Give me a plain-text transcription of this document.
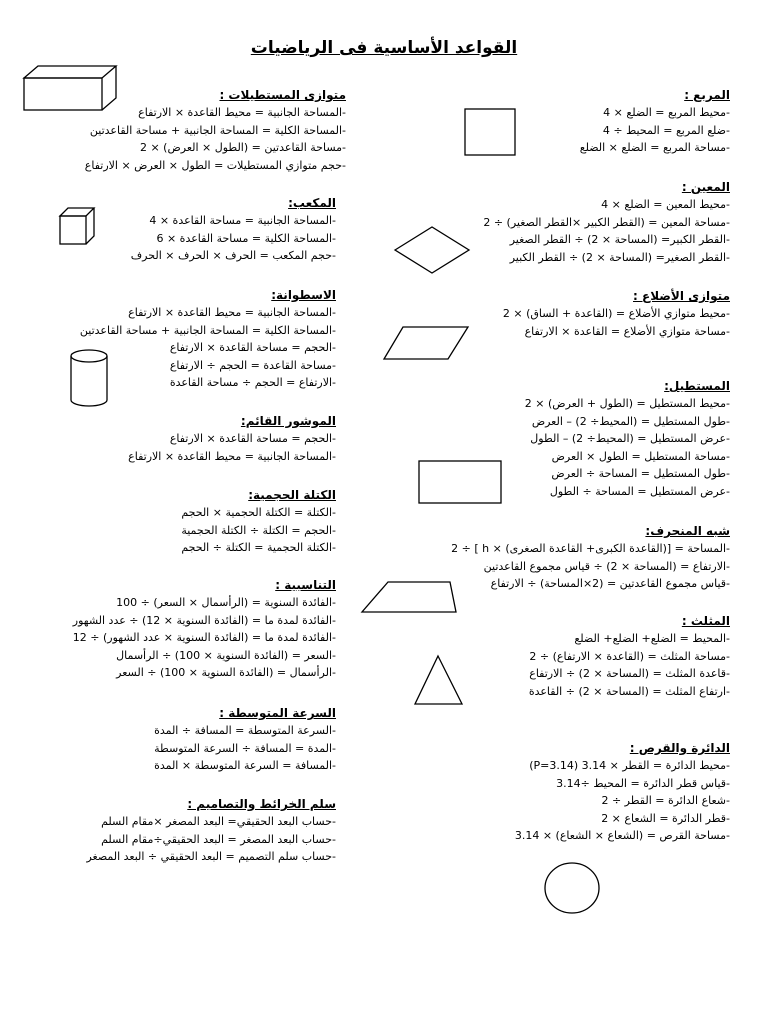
القواعد الأساسية فى الرياضيات
المربع :
-محيط المربع = الضلع × 4
-ضلع المربع = المحيط ÷ 4
-مساحة المربع = الضلع × الضلع
المعين :
-محيط المعين = الضلع × 4
-مساحة المعين = (القطر الكبير ×القطر الصغير) ÷ 2
-القطر الكبير= (المساحة × 2) ÷ القطر الصغير
-القطر الصغير= (المساحة × 2) ÷ القطر الكبير
متوازى الأضلاع :
-محيط متوازي الأضلاع = (القاعدة + الساق) × 2
-مساحة متوازي الأضلاع = القاعدة × الارتفاع
المستطيل:
-محيط المستطيل = (الطول + العرض) × 2
-طول المستطيل = (المحيط÷ 2) – العرض
-عرض المستطيل = (المحيط÷ 2) – الطول
-مساحة المستطيل = الطول × العرض
-طول المستطيل = المساحة ÷ العرض
-عرض المستطيل = المساحة ÷ الطول
شبه المنحرف:
-المساحة = [(القاعدة الكبرى+ القاعدة الصغرى) × h ] ÷ 2
-الارتفاع = (المساحة × 2) ÷ قياس مجموع القاعدتين
-قياس مجموع القاعدتين = (2×المساحة) ÷ الارتفاع
المثلث :
-المحيط = الضلع+ الضلع+ الضلع
-مساحة المثلث = (القاعدة × الارتفاع) ÷ 2
-قاعدة المثلث = (المساحة × 2) ÷ الارتفاع
-ارتفاع المثلث = (المساحة × 2) ÷ القاعدة
الدائرة والقرص :
-محيط الدائرة = القطر × 3.14 (P=3.14)
-قياس قطر الدائرة = المحيط ÷3.14
-شعاع الدائرة = القطر ÷ 2
-قطر الدائرة = الشعاع × 2
-مساحة القرص = (الشعاع × الشعاع) × 3.14
متوازى المستطيلات :
-المساحة الجانبية = محيط القاعدة × الارتفاع
-المساحة الكلية = المساحة الجانبية + مساحة القاعدتين
-مساحة القاعدتين = (الطول × العرض) × 2
-حجم متوازي المستطيلات = الطول × العرض × الارتفاع
المكعب:
-المساحة الجانبية = مساحة القاعدة × 4
-المساحة الكلية = مساحة القاعدة × 6
-حجم المكعب = الحرف × الحرف × الحرف
الاسطوانة:
-المساحة الجانبية = محيط القاعدة × الارتفاع
-المساحة الكلية = المساحة الجانبية + مساحة القاعدتين
-الحجم = مساحة القاعدة × الارتفاع
-مساحة القاعدة = الحجم ÷ الارتفاع
-الارتفاع = الحجم ÷ مساحة القاعدة
الموشور القائم:
-الحجم = مساحة القاعدة × الارتفاع
-المساحة الجانبية = محيط القاعدة × الارتفاع
الكتلة الحجمية:
-الكتلة = الكتلة الحجمية × الحجم
-الحجم = الكتلة ÷ الكتلة الحجمية
-الكتلة الحجمية = الكتلة ÷ الحجم
التناسبية :
-الفائدة السنوية = (الرأسمال × السعر) ÷ 100
-الفائدة لمدة ما = (الفائدة السنوية × 12) ÷ عدد الشهور
-الفائدة لمدة ما = (الفائدة السنوية × عدد الشهور) ÷ 12
-السعر = (الفائدة السنوية × 100) ÷ الرأسمال
-الرأسمال = (الفائدة السنوية × 100) ÷ السعر
السرعة المتوسطة :
-السرعة المتوسطة = المسافة ÷ المدة
-المدة = المسافة ÷ السرعة المتوسطة
-المسافة = السرعة المتوسطة × المدة
سلم الخرائط والتصاميم :
-حساب البعد الحقيقي= البعد المصغر ×مقام السلم
-حساب البعد المصغر = البعد الحقيقي÷مقام السلم
-حساب سلم التصميم = البعد الحقيقي ÷ البعد المصغر
